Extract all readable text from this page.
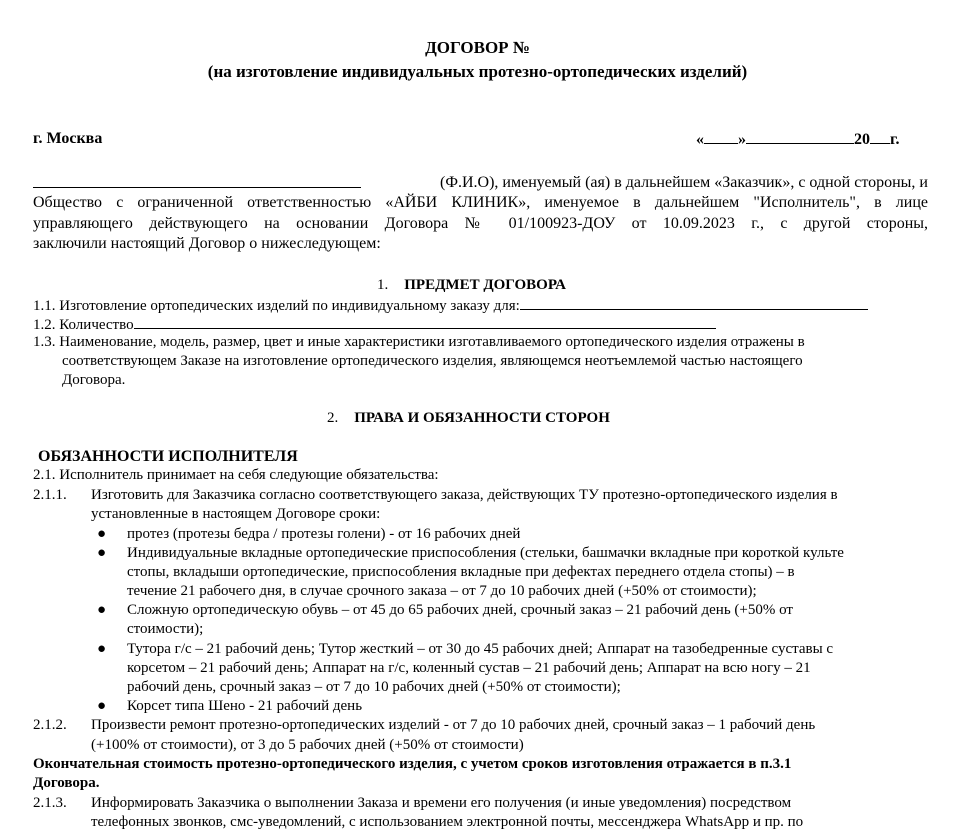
ДОГОВОР №
(на изготовление индивидуальных протезно-ортопедических изделий)
г. Москва	« »	20 г.
(Ф.И.О), именуемый (ая) в дальнейшем «Заказчик», с одной стороны, и
Общество с ограниченной ответственностью «АЙБИ КЛИНИК», именуемое в дальнейшем "Исполнитель", в лице
управляющего действующего на основании Договора № 01/100923-ДОУ от 10.09.2023 г., с другой стороны,
заключили настоящий Договор о нижеследующем:
1. ПРЕДМЕТ ДОГОВОРА
1.1. Изготовление ортопедических изделий по индивидуальному заказу для:
1.2. Количество
1.3. Наименование, модель, размер, цвет и иные характеристики изготавливаемого ортопедического изделия отражены в
соответствующем Заказе на изготовление ортопедического изделия, являющемся неотъемлемой частью настоящего
Договора.
2. ПРАВА И ОБЯЗАННОСТИ СТОРОН
ОБЯЗАННОСТИ ИСПОЛНИТЕЛЯ
2.1. Исполнитель принимает на себя следующие обязательства:
2.1.1. Изготовить для Заказчика согласно соответствующего заказа, действующих ТУ протезно-ортопедического изделия в
установленные в настоящем Договоре сроки:
● протез (протезы бедра / протезы голени) - от 16 рабочих дней
● Индивидуальные вкладные ортопедические приспособления (стельки, башмачки вкладные при короткой культе
стопы, вкладыши ортопедические, приспособления вкладные при дефектах переднего отдела стопы) – в
течение 21 рабочего дня, в случае срочного заказа – от 7 до 10 рабочих дней (+50% от стоимости);
● Сложную ортопедическую обувь – от 45 до 65 рабочих дней, срочный заказ – 21 рабочий день (+50% от
стоимости);
● Тутора г/с – 21 рабочий день; Тутор жесткий – от 30 до 45 рабочих дней; Аппарат на тазобедренные суставы с
корсетом – 21 рабочий день; Аппарат на г/с, коленный сустав – 21 рабочий день; Аппарат на всю ногу – 21
рабочий день, срочный заказ – от 7 до 10 рабочих дней (+50% от стоимости);
● Корсет типа Шено - 21 рабочий день
2.1.2. Произвести ремонт протезно-ортопедических изделий - от 7 до 10 рабочих дней, срочный заказ – 1 рабочий день
(+100% от стоимости), от 3 до 5 рабочих дней (+50% от стоимости)
Окончательная стоимость протезно-ортопедического изделия, с учетом сроков изготовления отражается в п.3.1
Договора.
2.1.3. Информировать Заказчика о выполнении Заказа и времени его получения (и иные уведомления) посредством
телефонных звонков, смс-уведомлений, с использованием электронной почты, мессенджера WhatsApp и пр. по
